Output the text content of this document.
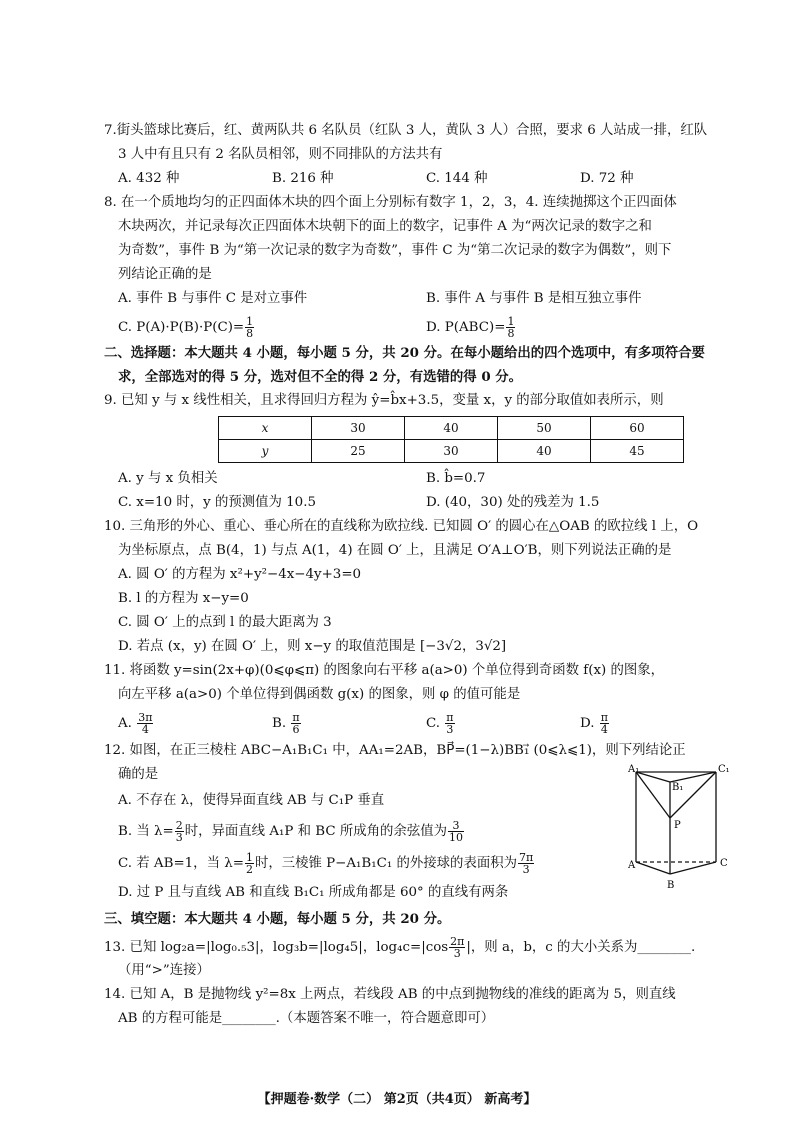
7.街头篮球比赛后，红、黄两队共 6 名队员（红队 3 人，黄队 3 人）合照，要求 6 人站成一排，红队
3 人中有且只有 2 名队员相邻，则不同排队的方法共有
A. 432 种	B. 216 种	C. 144 种	D. 72 种
8. 在一个质地均匀的正四面体木块的四个面上分别标有数字 1，2，3，4. 连续抛掷这个正四面体
木块两次，并记录每次正四面体木块朝下的面上的数字，记事件 A 为“两次记录的数字之和
为奇数”，事件 B 为“第一次记录的数字为奇数”，事件 C 为“第二次记录的数字为偶数”，则下
列结论正确的是
A. 事件 B 与事件 C 是对立事件	B. 事件 A 与事件 B 是相互独立事件
C. $P(A)\cdot P(B)\cdot P(C)= \frac{1}{8}$	D. $P(ABC)= \frac{1}{8}$
二、选择题：本大题共 4 小题，每小题 5 分，共 20 分。在每小题给出的四个选项中，有多项符合要
求，全部选对的得 5 分，选对但不全的得 2 分，有选错的得 0 分。
9. 已知 y 与 x 线性相关，且求得回归方程为 ŷ=b̂x+3.5，变量 x，y 的部分取值如表所示，则
x	30	40	50	60
y	25	30	40	45
A. y 与 x 负相关	B. b̂=0.7
C. x=10 时，y 的预测值为 10.5	D. (40，30) 处的残差为 1.5
10. 三角形的外心、重心、垂心所在的直线称为欧拉线. 已知圆 O′ 的圆心在△OAB 的欧拉线 l 上，O
为坐标原点，点 B(4，1) 与点 A(1，4) 在圆 O′ 上，且满足 O′A⊥O′B，则下列说法正确的是
A. 圆 O′ 的方程为 x²+y²−4x−4y+3=0
B. l 的方程为 x−y=0
C. 圆 O′ 上的点到 l 的最大距离为 3
D. 若点 (x，y) 在圆 O′ 上，则 x−y 的取值范围是 [−3√2，3√2]
11. 将函数 y=sin(2x+φ)(0⩽φ⩽π) 的图象向右平移 a(a>0) 个单位得到奇函数 f(x) 的图象，
向左平移 a(a>0) 个单位得到偶函数 g(x) 的图象，则 φ 的值可能是
A. $\frac{3\pi}{4}$	B. $\frac{\pi}{6}$	C. $\frac{\pi}{3}$	D. $\frac{\pi}{4}$
12. 如图，在正三棱柱 ABC−A₁B₁C₁ 中，AA₁=2AB，BP⃗=(1−λ)BB₁⃗ (0⩽λ⩽1)，则下列结论正
确的是
A. 不存在 λ，使得异面直线 AB 与 C₁P 垂直
B. 当 $\lambda= \frac{2}{3}$ 时，异面直线 A₁P 和 BC 所成角的余弦值为 $\frac{3}{10}$
C. 若 AB=1，当 $\lambda= \frac{1}{2}$ 时，三棱锥 P−A₁B₁C₁ 的外接球的表面积为 $\frac{7\pi}{3}$
D. 过 P 且与直线 AB 和直线 B₁C₁ 所成角都是 60° 的直线有两条
A₁
B₁
C₁
P
A	C
B
三、填空题：本大题共 4 小题，每小题 5 分，共 20 分。
13. 已知 log₂a=|log₀.₅3|，log₃b=|log₄5|，$\log_4c=|\cos \frac{2\pi}{3}$ |，则 a，b，c 的大小关系为________.
（用“>”连接）
14. 已知 A，B 是抛物线 y²=8x 上两点，若线段 AB 的中点到抛物线的准线的距离为 5，则直线
AB 的方程可能是________.（本题答案不唯一，符合题意即可）
【押题卷·数学（二） 第2页（共4页） 新高考】
